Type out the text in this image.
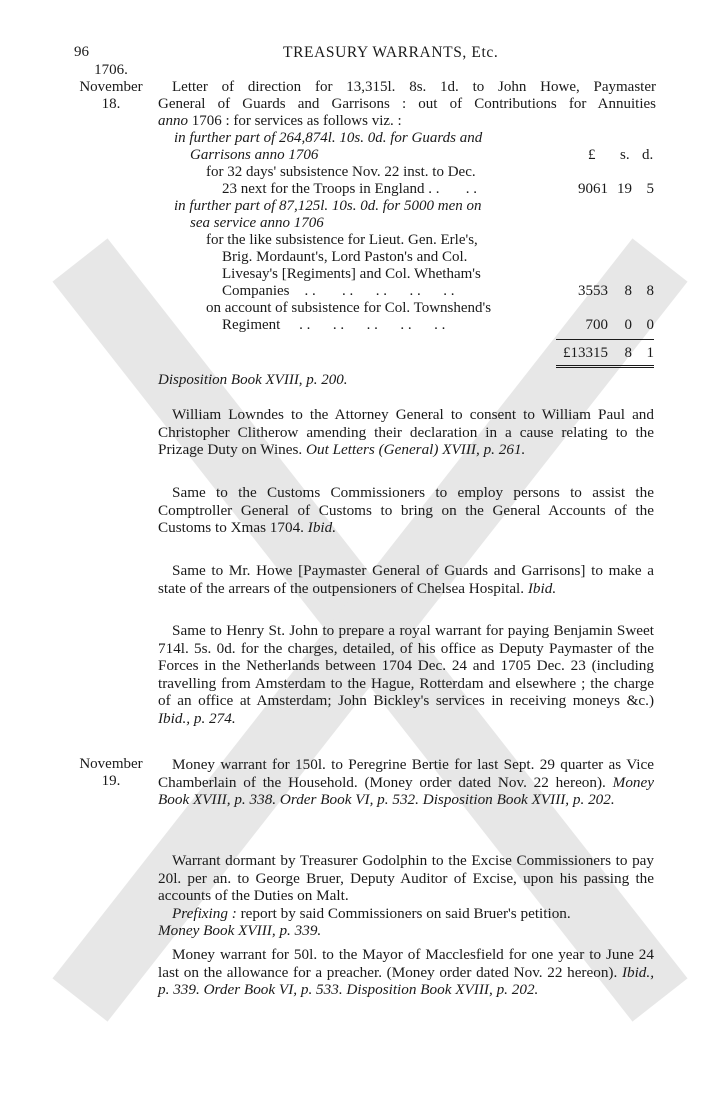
96	TREASURY WARRANTS, Etc.
1706.
November
18.
Letter of direction for 13,315l. 8s. 1d. to John Howe, Paymaster
General of Guards and Garrisons : out of Contributions for Annuities
anno 1706 : for services as follows viz. :
in further part of 264,874l. 10s. 0d. for Guards and
Garrisons anno 1706	£ s. d.
for 32 days' subsistence Nov. 22 inst. to Dec.
23 next for the Troops in England . .       . .	9061 19 5
in further part of 87,125l. 10s. 0d. for 5000 men on
sea service anno 1706
for the like subsistence for Lieut. Gen. Erle's,
Brig. Mordaunt's, Lord Paston's and Col.
Livesay's [Regiments] and Col. Whetham's
Companies    . .       . .      . .      . .      . .	3553	8 8
on account of subsistence for Col. Townshend's
Regiment     . .      . .      . .      . .      . .	700	0 0
£13315	8 1
Disposition Book XVIII, p. 200.
William Lowndes to the Attorney General to consent to William Paul and Christopher Clitherow amending their declaration in a cause relating to the Prizage Duty on Wines. Out Letters (General) XVIII, p. 261.
Same to the Customs Commissioners to employ persons to assist the Comptroller General of Customs to bring on the General Accounts of the Customs to Xmas 1704. Ibid.
Same to Mr. Howe [Paymaster General of Guards and Garrisons] to make a state of the arrears of the outpensioners of Chelsea Hospital. Ibid.
Same to Henry St. John to prepare a royal warrant for paying Benjamin Sweet 714l. 5s. 0d. for the charges, detailed, of his office as Deputy Paymaster of the Forces in the Netherlands between 1704 Dec. 24 and 1705 Dec. 23 (including travelling from Amsterdam to the Hague, Rotterdam and elsewhere ; the charge of an office at Amsterdam; John Bickley's services in receiving moneys &c.) Ibid., p. 274.
November
19.
Money warrant for 150l. to Peregrine Bertie for last Sept. 29 quarter as Vice Chamberlain of the Household. (Money order dated Nov. 22 hereon). Money Book XVIII, p. 338. Order Book VI, p. 532. Disposition Book XVIII, p. 202.
Warrant dormant by Treasurer Godolphin to the Excise Commissioners to pay 20l. per an. to George Bruer, Deputy Auditor of Excise, upon his passing the accounts of the Duties on Malt.
Prefixing : report by said Commissioners on said Bruer's petition.
Money Book XVIII, p. 339.
Money warrant for 50l. to the Mayor of Macclesfield for one year to June 24 last on the allowance for a preacher. (Money order dated Nov. 22 hereon). Ibid., p. 339. Order Book VI, p. 533. Disposition Book XVIII, p. 202.
